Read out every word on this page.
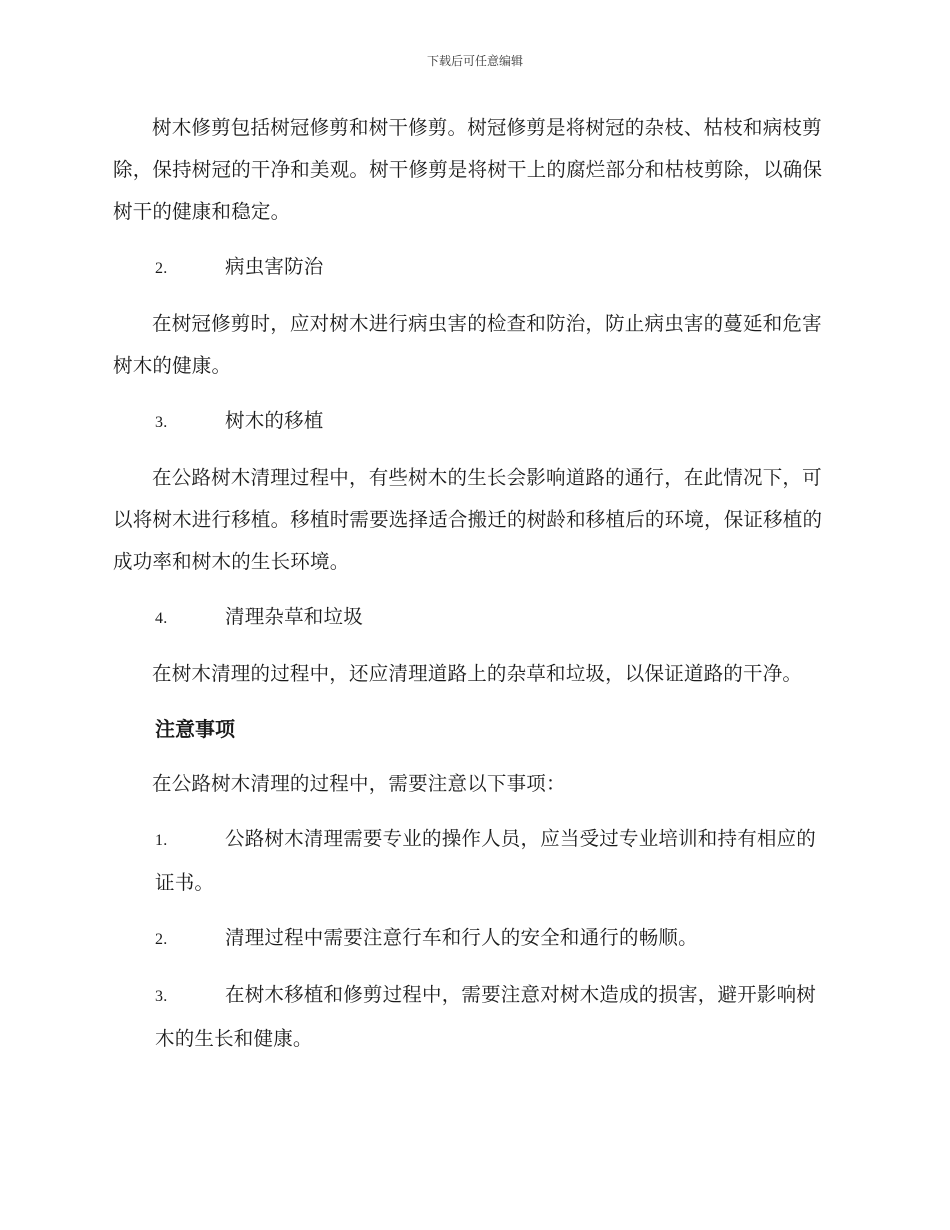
下载后可任意编辑

树木修剪包括树冠修剪和树干修剪。树冠修剪是将树冠的杂枝、枯枝和病枝剪除，保持树冠的干净和美观。树干修剪是将树干上的腐烂部分和枯枝剪除，以确保树干的健康和稳定。

2.	病虫害防治

在树冠修剪时，应对树木进行病虫害的检查和防治，防止病虫害的蔓延和危害树木的健康。

3.	树木的移植

在公路树木清理过程中，有些树木的生长会影响道路的通行，在此情况下，可以将树木进行移植。移植时需要选择适合搬迁的树龄和移植后的环境，保证移植的成功率和树木的生长环境。

4.	清理杂草和垃圾

在树木清理的过程中，还应清理道路上的杂草和垃圾，以保证道路的干净。

注意事项

在公路树木清理的过程中，需要注意以下事项：

1.	公路树木清理需要专业的操作人员，应当受过专业培训和持有相应的证书。
2.	清理过程中需要注意行车和行人的安全和通行的畅顺。
3.	在树木移植和修剪过程中，需要注意对树木造成的损害，避开影响树木的生长和健康。
